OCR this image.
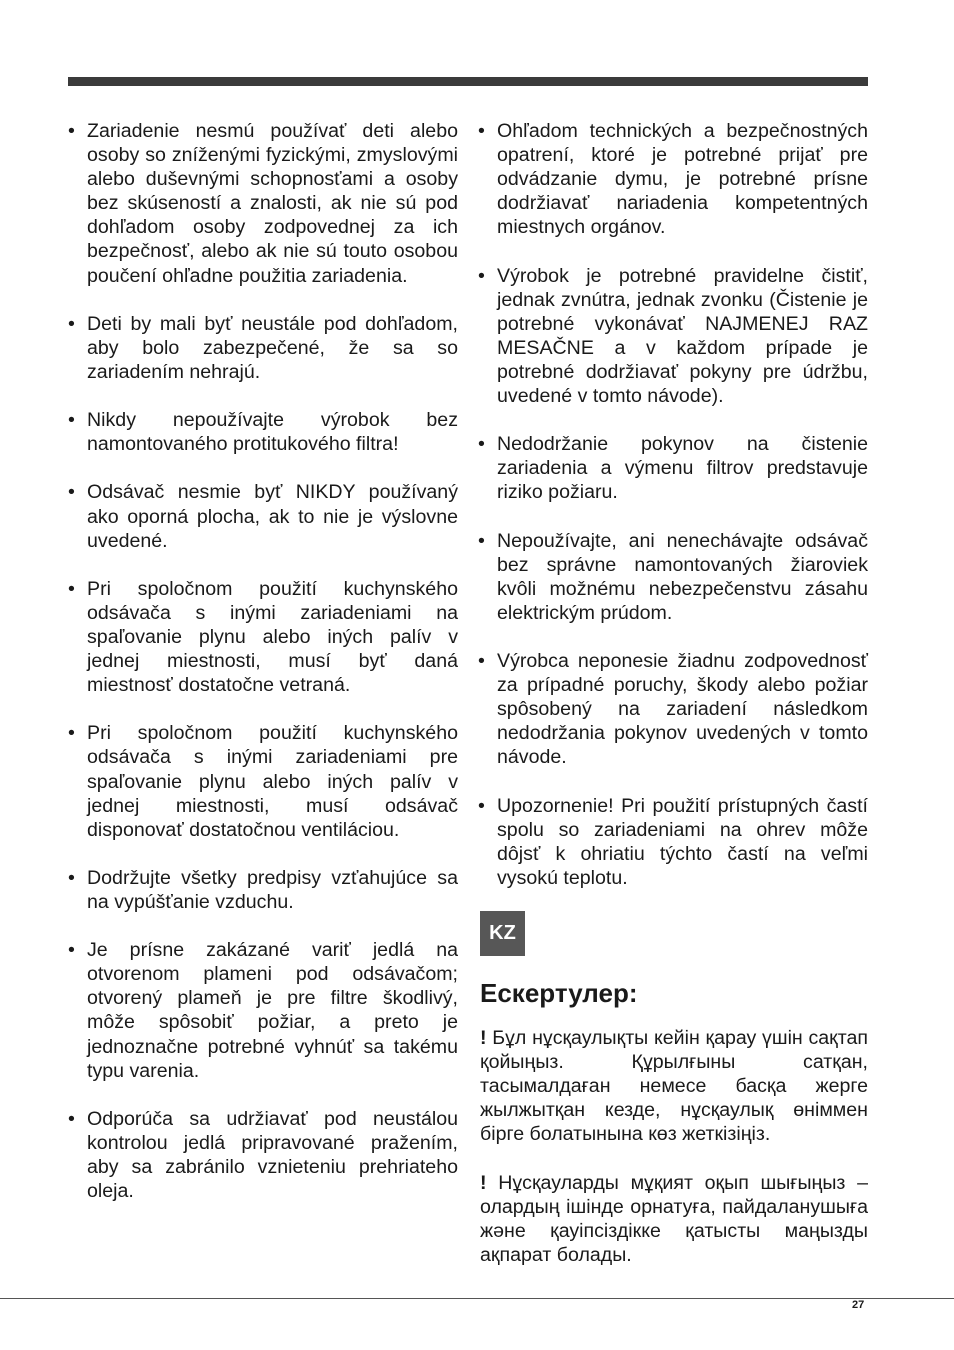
• Zariadenie nesmú používať deti alebo osoby so zníženými fyzickými, zmyslovými alebo duševnými schopnosťami a osoby bez skúseností a znalosti, ak nie sú pod dohľadom osoby zodpovednej za ich bezpečnosť, alebo ak nie sú touto osobou poučení ohľadne použitia zariadenia.
• Deti by mali byť neustále pod dohľadom, aby bolo zabezpečené, že sa so zariadením nehrajú.
• Nikdy nepoužívajte výrobok bez namontovaného protitukového filtra!
• Odsávač nesmie byť NIKDY používaný ako oporná plocha, ak to nie je výslovne uvedené.
• Pri spoločnom použití kuchynského odsávača s inými zariadeniami na spaľovanie plynu alebo iných palív v jednej miestnosti, musí byť daná miestnosť dostatočne vetraná.
• Pri spoločnom použití kuchynského odsávača s inými zariadeniami pre spaľovanie plynu alebo iných palív v jednej miestnosti, musí odsávač disponovať dostatočnou ventiláciou.
• Dodržujte všetky predpisy vzťahujúce sa na vypúšťanie vzduchu.
• Je prísne zakázané variť jedlá na otvorenom plameni pod odsávačom; otvorený plameň je pre filtre škodlivý, môže spôsobiť požiar, a preto je jednoznačne potrebné vyhnúť sa takému typu varenia.
• Odporúča sa udržiavať pod neustálou kontrolou jedlá pripravované pražením, aby sa zabránilo vznieteniu prehriateho oleja.
• Ohľadom technických a bezpečnostných opatrení, ktoré je potrebné prijať pre odvádzanie dymu, je potrebné prísne dodržiavať nariadenia kompetentných miestnych orgánov.
• Výrobok je potrebné pravidelne čistiť, jednak zvnútra, jednak zvonku (Čistenie je potrebné vykonávať NAJMENEJ RAZ MESAČNE a v každom prípade je potrebné dodržiavať pokyny pre údržbu, uvedené v tomto návode).
• Nedodržanie pokynov na čistenie zariadenia a výmenu filtrov predstavuje riziko požiaru.
• Nepoužívajte, ani nenechávajte odsávač bez správne namontovaných žiaroviek kvôli možnému nebezpečenstvu zásahu elektrickým prúdom.
• Výrobca neponesie žiadnu zodpovednosť za prípadné poruchy, škody alebo požiar spôsobený na zariadení následkom nedodržania pokynov uvedených v tomto návode.
• Upozornenie! Pri použití prístupných častí spolu so zariadeniami na ohrev môže dôjsť k ohriatiu týchto častí na veľmi vysokú teplotu.
KZ
Ескертулер:
! Бұл нұсқаулықты кейін қарау үшін сақтап қойыңыз. Құрылғыны сатқан, тасымалдаған немесе басқа жерге жылжытқан кезде, нұсқаулық өніммен бірге болатынына көз жеткізіңіз.
! Нұсқауларды мұқият оқып шығыңыз – олардың ішінде орнатуға, пайдаланушыға және қауіпсіздікке қатысты маңызды ақпарат болады.
27
